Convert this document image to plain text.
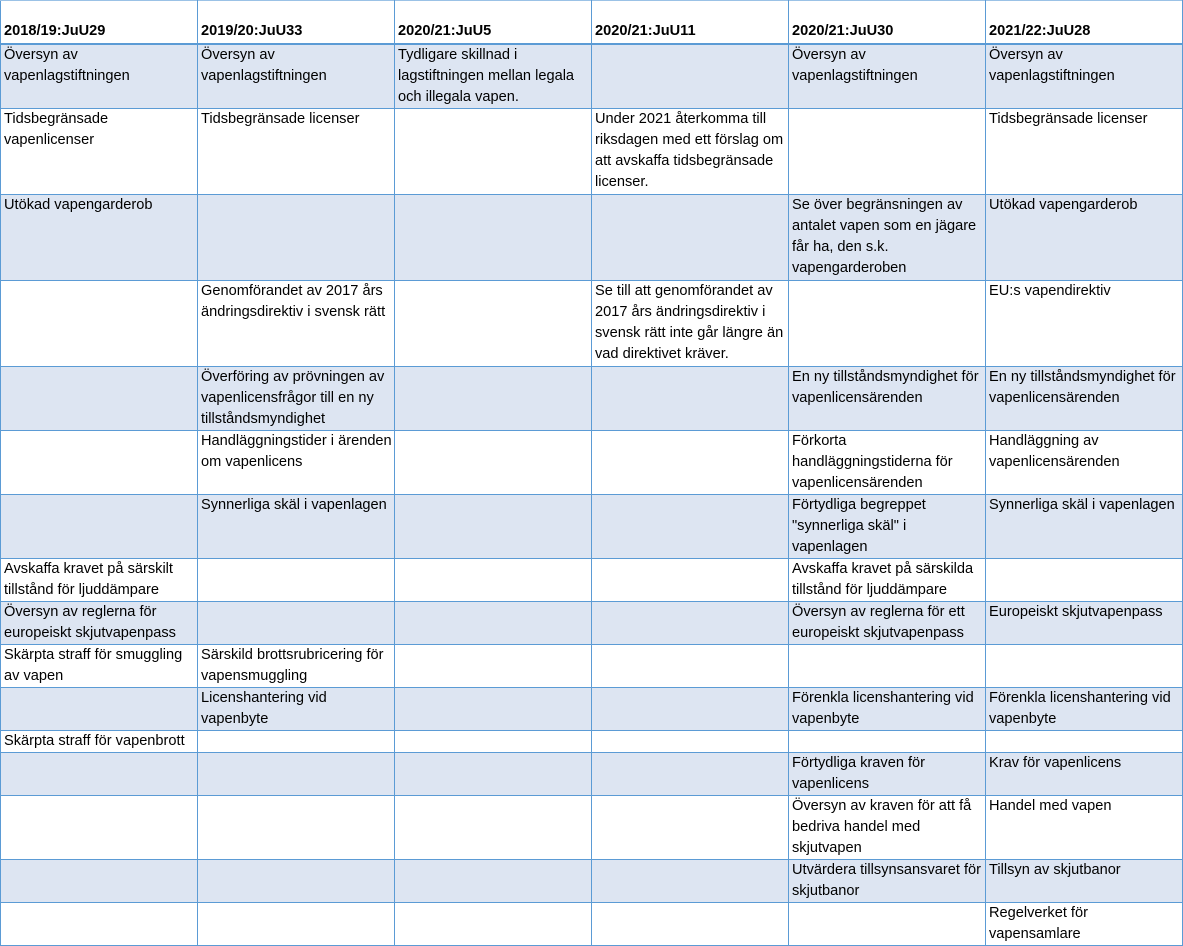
2018/19:JuU29	2019/20:JuU33	2020/21:JuU5	2020/21:JuU11	2020/21:JuU30	2021/22:JuU28
Översyn av vapenlagstiftningen	Översyn av vapenlagstiftningen	Tydligare skillnad i lagstiftningen mellan legala och illegala vapen.		Översyn av vapenlagstiftningen	Översyn av vapenlagstiftningen
Tidsbegränsade vapenlicenser	Tidsbegränsade licenser		Under 2021 återkomma till riksdagen med ett förslag om att avskaffa tidsbegränsade licenser.		Tidsbegränsade licenser
Utökad vapengarderob				Se över begränsningen av antalet vapen som en jägare får ha, den s.k. vapengarderoben	Utökad vapengarderob
	Genomförandet av 2017 års ändringsdirektiv i svensk rätt		Se till att genomförandet av 2017 års ändringsdirektiv i svensk rätt inte går längre än vad direktivet kräver.		EU:s vapendirektiv
	Överföring av prövningen av vapenlicensfrågor till en ny tillståndsmyndighet			En ny tillståndsmyndighet för vapenlicensärenden	En ny tillståndsmyndighet för vapenlicensärenden
	Handläggningstider i ärenden om vapenlicens			Förkorta handläggningstiderna för vapenlicensärenden	Handläggning av vapenlicensärenden
	Synnerliga skäl i vapenlagen			Förtydliga begreppet "synnerliga skäl" i vapenlagen	Synnerliga skäl i vapenlagen
Avskaffa kravet på särskilt tillstånd för ljuddämpare				Avskaffa kravet på särskilda tillstånd för ljuddämpare	
Översyn av reglerna för europeiskt skjutvapenpass				Översyn av reglerna för ett europeiskt skjutvapenpass	Europeiskt skjutvapenpass
Skärpta straff för smuggling av vapen	Särskild brottsrubricering för vapensmuggling				
	Licenshantering vid vapenbyte			Förenkla licenshantering vid vapenbyte	Förenkla licenshantering vid vapenbyte
Skärpta straff för vapenbrott					
				Förtydliga kraven för vapenlicens	Krav för vapenlicens
				Översyn av kraven för att få bedriva handel med skjutvapen	Handel med vapen
				Utvärdera tillsynsansvaret för skjutbanor	Tillsyn av skjutbanor
					Regelverket för vapensamlare
